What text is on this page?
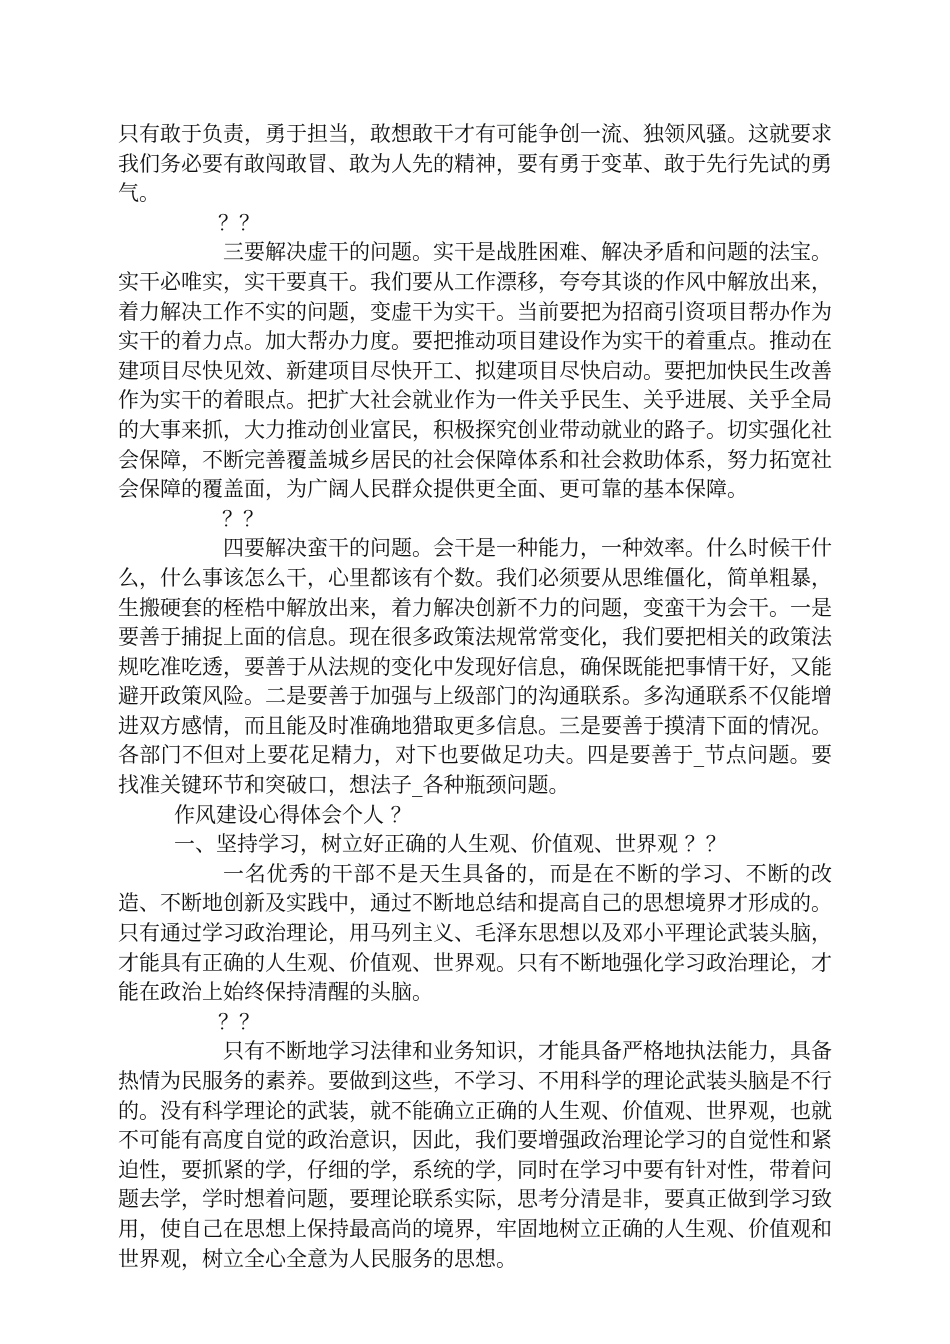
只有敢于负责，勇于担当，敢想敢干才有可能争创一流、独领风骚。这就要求我们务必要有敢闯敢冒、敢为人先的精神，要有勇于变革、敢于先行先试的勇气。

？？

三要解决虚干的问题。实干是战胜困难、解决矛盾和问题的法宝。实干必唯实，实干要真干。我们要从工作漂移，夸夸其谈的作风中解放出来，着力解决工作不实的问题，变虚干为实干。当前要把为招商引资项目帮办作为实干的着力点。加大帮办力度。要把推动项目建设作为实干的着重点。推动在建项目尽快见效、新建项目尽快开工、拟建项目尽快启动。要把加快民生改善作为实干的着眼点。把扩大社会就业作为一件关乎民生、关乎进展、关乎全局的大事来抓，大力推动创业富民，积极探究创业带动就业的路子。切实强化社会保障，不断完善覆盖城乡居民的社会保障体系和社会救助体系，努力拓宽社会保障的覆盖面，为广阔人民群众提供更全面、更可靠的基本保障。

？？

四要解决蛮干的问题。会干是一种能力，一种效率。什么时候干什么，什么事该怎么干，心里都该有个数。我们必须要从思维僵化，简单粗暴，生搬硬套的桎梏中解放出来，着力解决创新不力的问题，变蛮干为会干。一是要善于捕捉上面的信息。现在很多政策法规常常变化，我们要把相关的政策法规吃准吃透，要善于从法规的变化中发现好信息，确保既能把事情干好，又能避开政策风险。二是要善于加强与上级部门的沟通联系。多沟通联系不仅能增进双方感情，而且能及时准确地猎取更多信息。三是要善于摸清下面的情况。各部门不但对上要花足精力，对下也要做足功夫。四是要善于_节点问题。要找准关键环节和突破口，想法子_各种瓶颈问题。

作风建设心得体会个人 ？

一、坚持学习，树立好正确的人生观、价值观、世界观 ？？

一名优秀的干部不是天生具备的，而是在不断的学习、不断的改造、不断地创新及实践中，通过不断地总结和提高自己的思想境界才形成的。只有通过学习政治理论，用马列主义、毛泽东思想以及邓小平理论武装头脑，才能具有正确的人生观、价值观、世界观。只有不断地强化学习政治理论，才能在政治上始终保持清醒的头脑。

？？

只有不断地学习法律和业务知识，才能具备严格地执法能力，具备热情为民服务的素养。要做到这些，不学习、不用科学的理论武装头脑是不行的。没有科学理论的武装，就不能确立正确的人生观、价值观、世界观，也就不可能有高度自觉的政治意识，因此，我们要增强政治理论学习的自觉性和紧迫性，要抓紧的学，仔细的学，系统的学，同时在学习中要有针对性，带着问题去学，学时想着问题，要理论联系实际，思考分清是非，要真正做到学习致用，使自己在思想上保持最高尚的境界，牢固地树立正确的人生观、价值观和世界观，树立全心全意为人民服务的思想。
